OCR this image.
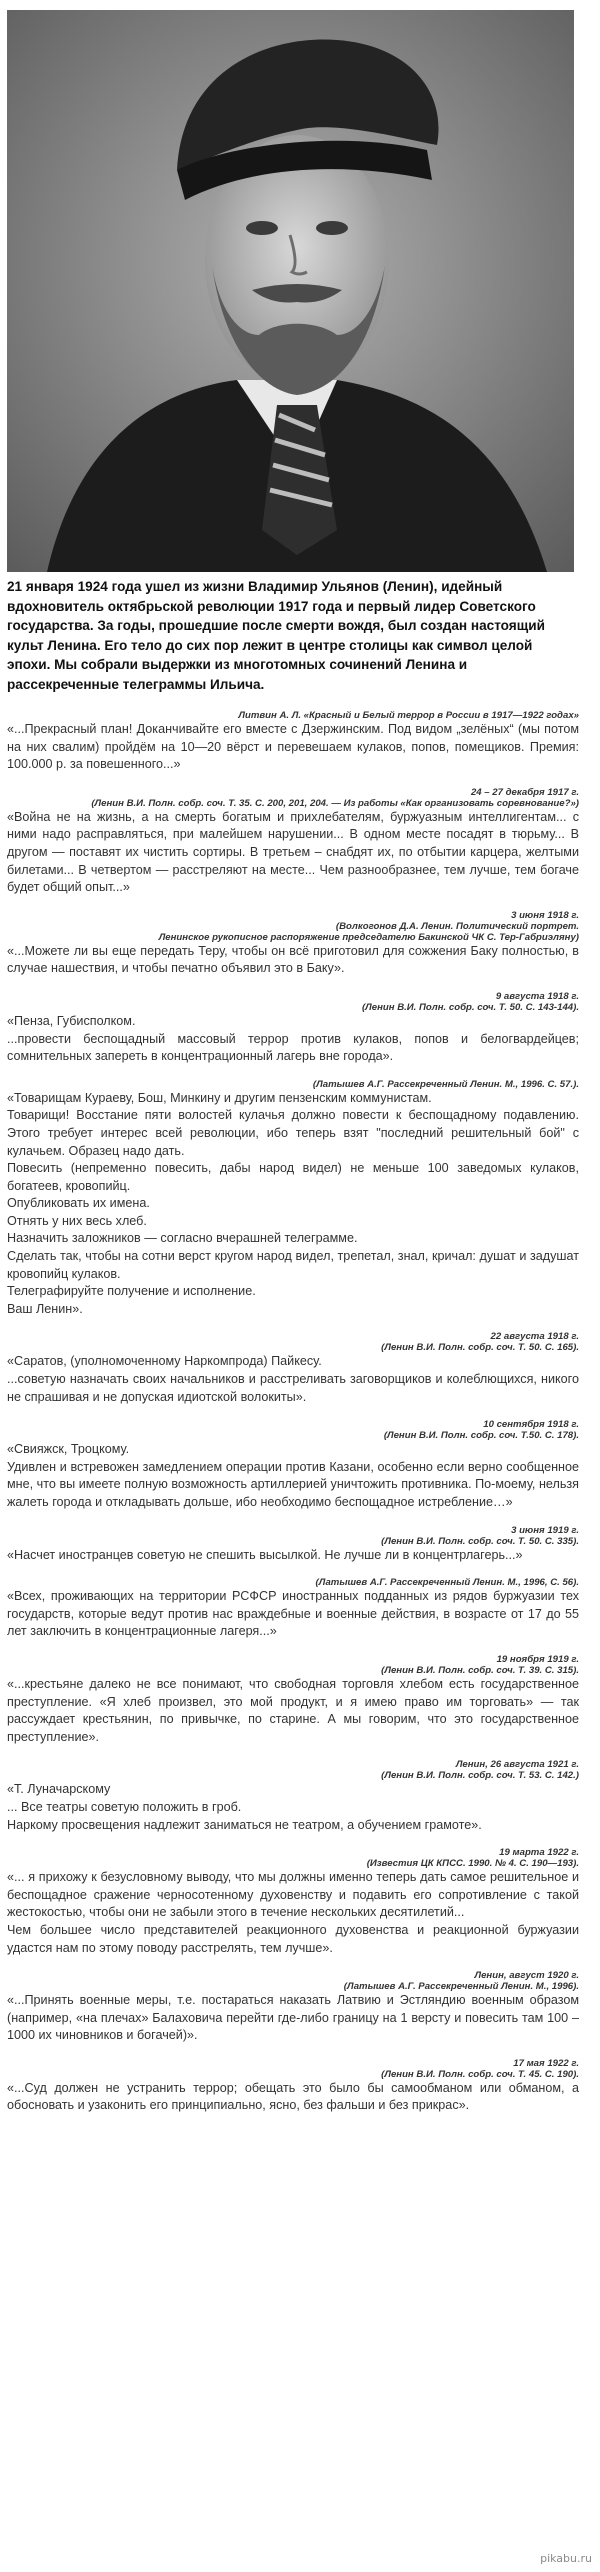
21 января 1924 года ушел из жизни Владимир Ульянов (Ленин), идейный вдохновитель октябрьской революции 1917 года и первый лидер Советского государства. За годы, прошедшие после смерти вождя, был создан настоящий культ Ленина. Его тело до сих пор лежит в центре столицы как символ целой эпохи. Мы собрали выдержки из многотомных сочинений Ленина и рассекреченные телеграммы Ильича.

Литвин А. Л. «Красный и Белый террор в России в 1917—1922 годах»

«...Прекрасный план! Доканчивайте его вместе с Дзержинским. Под видом „зелёных“ (мы потом на них свалим) пройдём на 10—20 вёрст и перевешаем кулаков, попов, помещиков. Премия: 100.000 р. за повешенного...»

24 – 27 декабря 1917 г.
(Ленин В.И. Полн. собр. соч. Т. 35. С. 200, 201, 204. — Из работы «Как организовать соревнование?»)

«Война не на жизнь, а на смерть богатым и прихлебателям, буржуазным интеллигентам... с ними надо расправляться, при малейшем нарушении... В одном месте посадят в тюрьму... В другом — поставят их чистить сортиры. В третьем – снабдят их, по отбытии карцера, желтыми билетами... В четвертом — расстреляют на месте... Чем разнообразнее, тем лучше, тем богаче будет общий опыт...»

3 июня 1918 г.
(Волкогонов Д.А. Ленин. Политический портрет.
Ленинское рукописное распоряжение председателю Бакинской ЧК С. Тер-Габриэляну)

«...Можете ли вы еще передать Теру, чтобы он всё приготовил для сожжения Баку полностью, в случае нашествия, и чтобы печатно объявил это в Баку».

9 августа 1918 г.
(Ленин В.И. Полн. собр. соч. Т. 50. С. 143-144).

«Пенза, Губисполком.

...провести беспощадный массовый террор против кулаков, попов и белогвардейцев; сомнительных запереть в концентрационный лагерь вне города».

(Латышев А.Г. Рассекреченный Ленин. М., 1996. С. 57.).

«Товарищам Кураеву, Бош, Минкину и другим пензенским коммунистам.

Товарищи! Восстание пяти волостей кулачья должно повести к беспощадному подавлению. Этого требует интерес всей революции, ибо теперь взят "последний решительный бой" с кулачьем. Образец надо дать.

Повесить (непременно повесить, дабы народ видел) не меньше 100 заведомых кулаков, богатеев, кровопийц.

Опубликовать их имена.

Отнять у них весь хлеб.

Назначить заложников — согласно вчерашней телеграмме.

Сделать так, чтобы на сотни верст кругом народ видел, трепетал, знал, кричал: душат и задушат кровопийц кулаков.

Телеграфируйте получение и исполнение.

Ваш Ленин».

22 августа 1918 г.
(Ленин В.И. Полн. собр. соч. Т. 50. С. 165).

«Саратов, (уполномоченному Наркомпрода) Пайкесу.

...советую назначать своих начальников и расстреливать заговорщиков и колеблющихся, никого не спрашивая и не допуская идиотской волокиты».

10 сентября 1918 г.
(Ленин В.И. Полн. собр. соч. Т.50. С. 178).

«Свияжск, Троцкому.

Удивлен и встревожен замедлением операции против Казани, особенно если верно сообщенное мне, что вы имеете полную возможность артиллерией уничтожить противника. По-моему, нельзя жалеть города и откладывать дольше, ибо необходимо беспощадное истребление…»

3 июня 1919 г.
(Ленин В.И. Полн. собр. соч. Т. 50. С. 335).

«Насчет иностранцев советую не спешить высылкой. Не лучше ли в концентрлагерь...»

(Латышев А.Г. Рассекреченный Ленин. М., 1996, С. 56).

«Всех, проживающих на территории РСФСР иностранных подданных из рядов буржуазии тех государств, которые ведут против нас враждебные и военные действия, в возрасте от 17 до 55 лет заключить в концентрационные лагеря...»

19 ноября 1919 г.
(Ленин В.И. Полн. собр. соч. Т. 39. С. 315).

«...крестьяне далеко не все понимают, что свободная торговля хлебом есть государственное преступление. «Я хлеб произвел, это мой продукт, и я имею право им торговать» — так рассуждает крестьянин, по привычке, по старине. А мы говорим, что это государственное преступление».

Ленин, 26 августа 1921 г.
(Ленин В.И. Полн. собр. соч. Т. 53. С. 142.)

«Т. Луначарскому

... Все театры советую положить в гроб.

Наркому просвещения надлежит заниматься не театром, а обучением грамоте».

19 марта 1922 г.
(Известия ЦК КПСС. 1990. № 4. С. 190—193).

«... я прихожу к безусловному выводу, что мы должны именно теперь дать самое решительное и беспощадное сражение черносотенному духовенству и подавить его сопротивление с такой жестокостью, чтобы они не забыли этого в течение нескольких десятилетий...

Чем большее число представителей реакционного духовенства и реакционной буржуазии удастся нам по этому поводу расстрелять, тем лучше».

Ленин, август 1920 г.
(Латышев А.Г. Рассекреченный Ленин. М., 1996).

«...Принять военные меры, т.е. постараться наказать Латвию и Эстляндию военным образом (например, «на плечах» Балаховича перейти где-либо границу на 1 версту и повесить там 100 –1000 их чиновников и богачей)».

17 мая 1922 г.
(Ленин В.И. Полн. собр. соч. Т. 45. С. 190).

«...Суд должен не устранить террор; обещать это было бы самообманом или обманом, а обосновать и узаконить его принципиально, ясно, без фальши и без прикрас».

pikabu.ru
